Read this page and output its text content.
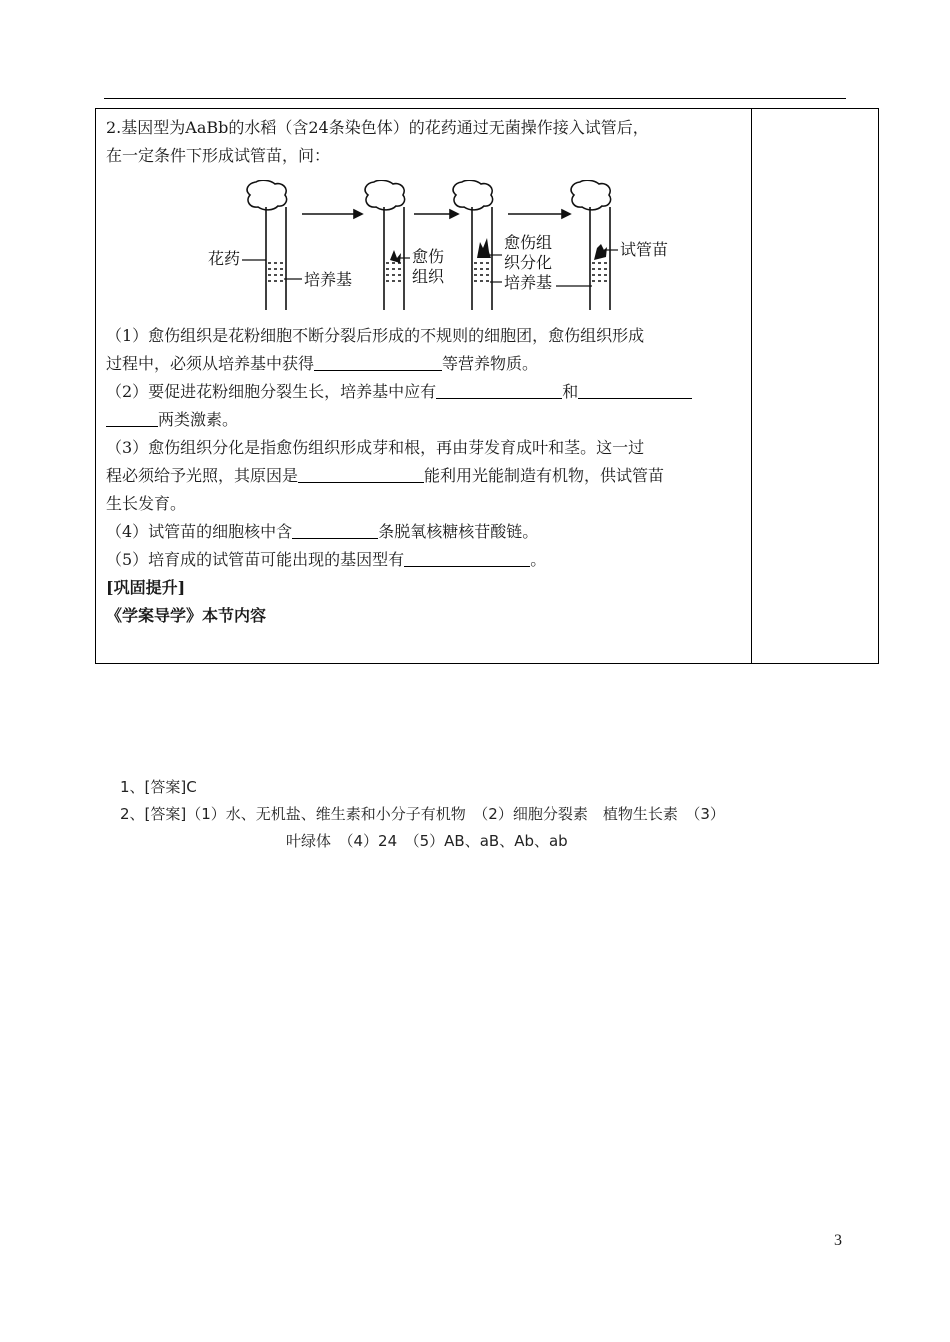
2.基因型为AaBb的水稻（含24条染色体）的花药通过无菌操作接入试管后，
在一定条件下形成试管苗，问：
花药
培养基
愈伤
组织
愈伤组
织分化
培养基
试管苗
（1）愈伤组织是花粉细胞不断分裂后形成的不规则的细胞团，愈伤组织形成
过程中，必须从培养基中获得	等营养物质。
（2）要促进花粉细胞分裂生长，培养基中应有	和
两类激素。
（3）愈伤组织分化是指愈伤组织形成芽和根，再由芽发育成叶和茎。这一过
程必须给予光照，其原因是	能利用光能制造有机物，供试管苗
生长发育。
（4）试管苗的细胞核中含	条脱氧核糖核苷酸链。
（5）培育成的试管苗可能出现的基因型有	。
[巩固提升]
《学案导学》本节内容
1、[答案]C
2、[答案]（1）水、无机盐、维生素和小分子有机物　（2）细胞分裂素　植物生长素　（3）
叶绿体　（4）24　（5）AB、aB、Ab、ab
3
